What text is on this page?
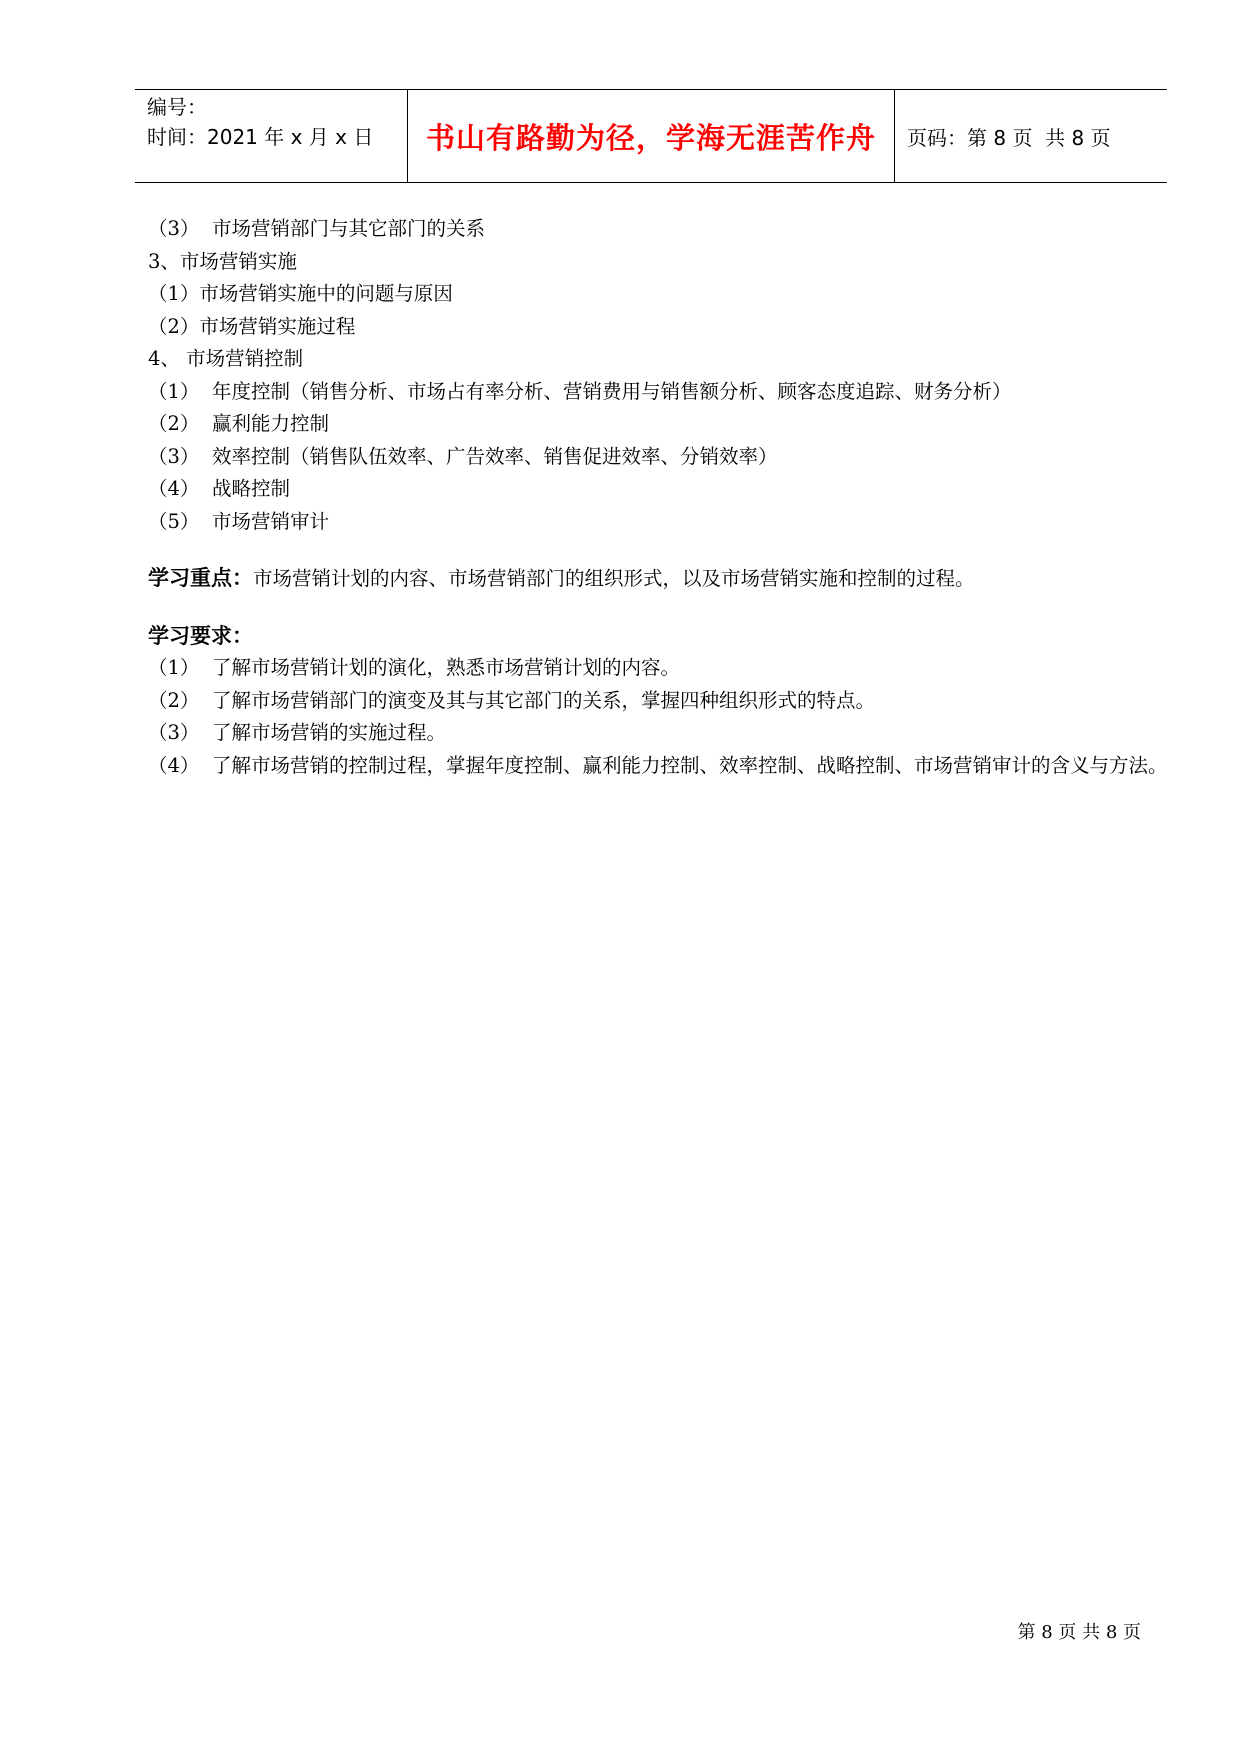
编号：
时间：2021 年 x 月 x 日	书山有路勤为径，学海无涯苦作舟 页码：第 8 页  共 8 页
（3） 市场营销部门与其它部门的关系
3、市场营销实施
（1）市场营销实施中的问题与原因
（2）市场营销实施过程
4、 市场营销控制
（1） 年度控制（销售分析、市场占有率分析、营销费用与销售额分析、顾客态度追踪、财务分析）
（2） 赢利能力控制
（3） 效率控制（销售队伍效率、广告效率、销售促进效率、分销效率）
（4） 战略控制
（5） 市场营销审计
学习重点：市场营销计划的内容、市场营销部门的组织形式，以及市场营销实施和控制的过程。
学习要求：
（1） 了解市场营销计划的演化，熟悉市场营销计划的内容。
（2） 了解市场营销部门的演变及其与其它部门的关系，掌握四种组织形式的特点。
（3） 了解市场营销的实施过程。
（4） 了解市场营销的控制过程，掌握年度控制、赢利能力控制、效率控制、战略控制、市场营销审计的含义与方法。
第 8 页 共 8 页
